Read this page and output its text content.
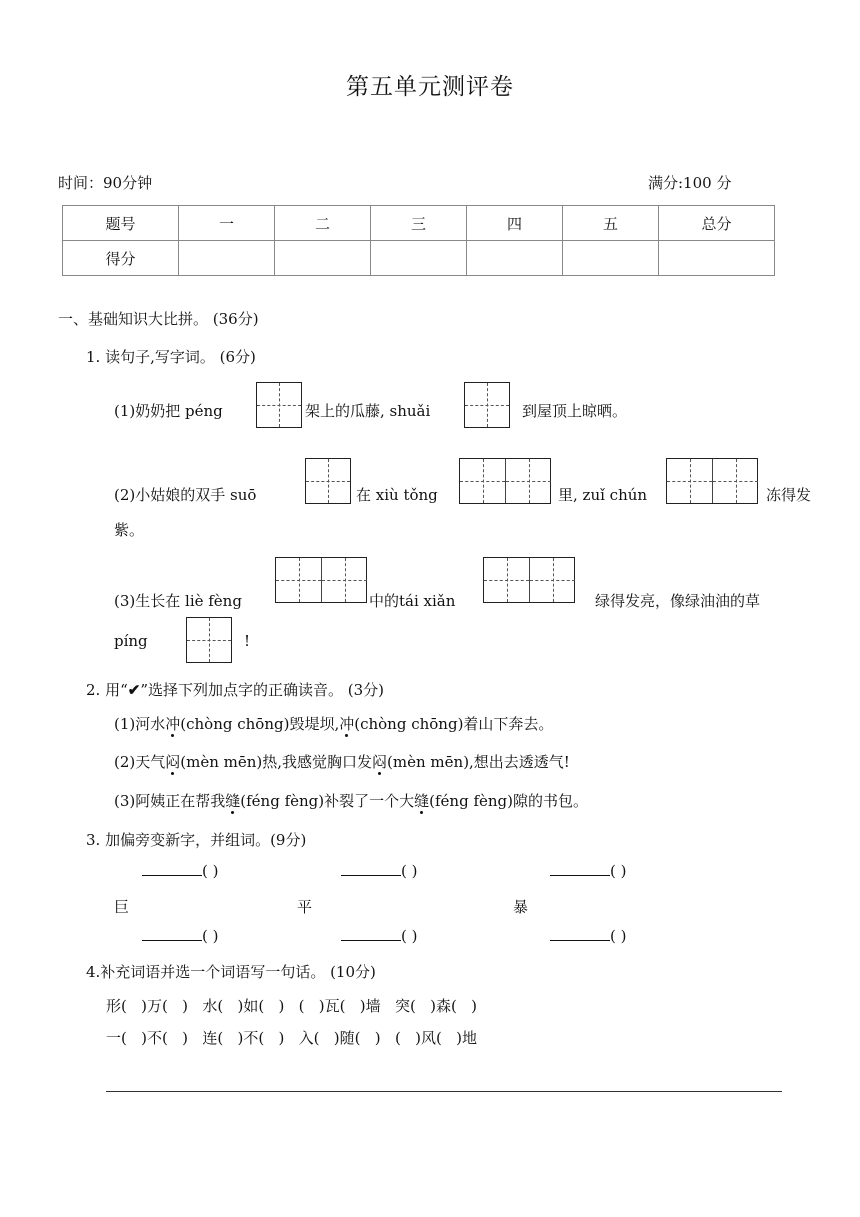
第五单元测评卷
时间：90分钟	满分:100 分
题号	一	二	三	四	五	总分
得分						
一、基础知识大比拼。 (36分)
1. 读句子,写字词。 (6分)
(1)奶奶把 péng	架上的瓜藤, shuǎi	到屋顶上晾晒。
(2)小姑娘的双手 suō	在 xiù tǒng	里, zuǐ chún	冻得发
紫。
(3)生长在 liè fèng	中的tái xiǎn	绿得发亮，像绿油油的草
píng	!
2. 用“✔”选择下列加点字的正确读音。 (3分)
(1)河水冲(chòng chōng)毁堤坝,冲(chòng chōng)着山下奔去。
(2)天气闷(mèn mēn)热,我感觉胸口发闷(mèn mēn),想出去透透气!
(3)阿姨正在帮我缝(féng fèng)补裂了一个大缝(féng fèng)隙的书包。
3. 加偏旁变新字，并组词。(9分)
( )	( )	( )
巨	平	暴
( )	( )	( )
4.补充词语并选一个词语写一句话。 (10分)
形(   )万(   )   水(   )如(   )   (   )瓦(   )墙   突(   )森(   )
一(   )不(   )   连(   )不(   )   入(   )随(   )   (   )风(   )地
